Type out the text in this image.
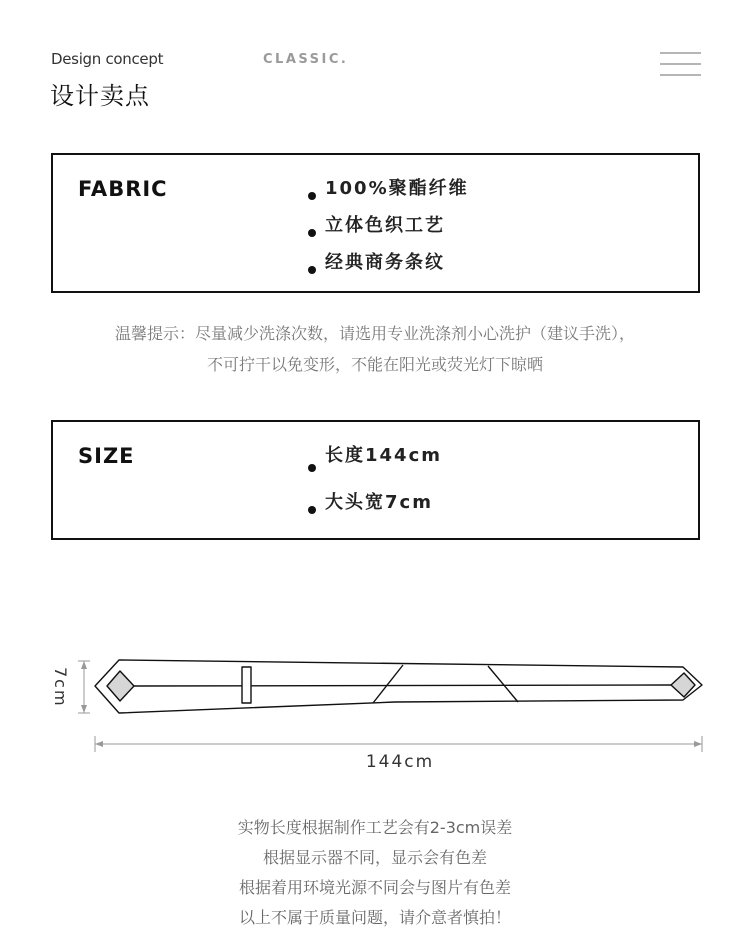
Design concept
设计卖点
CLASSIC.
FABRIC	100%聚酯纤维
立体色织工艺
经典商务条纹
温馨提示：尽量减少洗涤次数，请选用专业洗涤剂小心洗护（建议手洗），
不可拧干以免变形，不能在阳光或荧光灯下晾晒
SIZE	长度144cm
大头宽7cm
7cm
144cm
实物长度根据制作工艺会有2-3cm误差
根据显示器不同，显示会有色差
根据着用环境光源不同会与图片有色差
以上不属于质量问题，请介意者慎拍！
